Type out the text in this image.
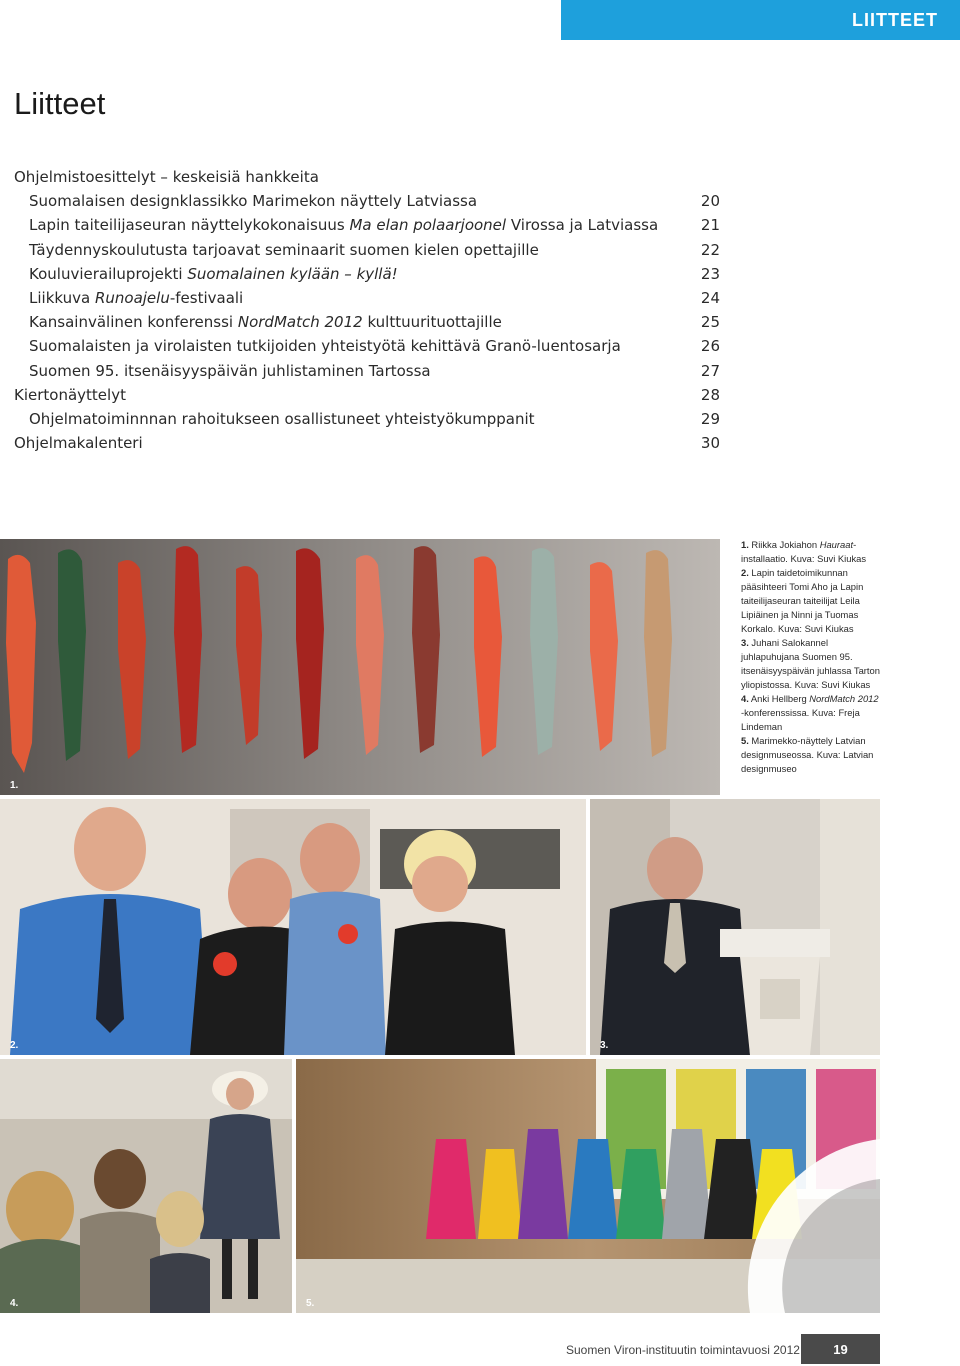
LIITTEET
Liitteet
Ohjelmistoesittelyt – keskeisiä hankkeita
Suomalaisen designklassikko Marimekon näyttely Latviassa	20
Lapin taiteilijaseuran näyttelykokonaisuus Ma elan polaarjoonel Virossa ja Latviassa	21
Täydennyskoulutusta tarjoavat seminaarit suomen kielen opettajille	22
Kouluvierailuprojekti Suomalainen kylään – kyllä!	23
Liikkuva Runoajelu-festivaali	24
Kansainvälinen konferenssi NordMatch 2012 kulttuurituottajille	25
Suomalaisten ja virolaisten tutkijoiden yhteistyötä kehittävä Granö-luentosarja	26
Suomen 95. itsenäisyyspäivän juhlistaminen Tartossa	27
Kiertonäyttelyt	28
Ohjelmatoiminnnan rahoitukseen osallistuneet yhteistyökumppanit	29
Ohjelmakalenteri	30
1.
2.	3.
4.	5.

1. Riikka Jokiahon Hauraat-installaatio. Kuva: Suvi Kiukas

2. Lapin taidetoimikunnan pääsihteeri Tomi Aho ja Lapin taiteilijaseuran taiteilijat Leila Lipiäinen ja Ninni ja Tuomas Korkalo. Kuva: Suvi Kiukas

3. Juhani Salokannel juhlapuhujana Suomen 95. itsenäisyyspäivän juhlassa Tarton yliopistossa. Kuva: Suvi Kiukas

4. Anki Hellberg NordMatch 2012 -konferenssissa. Kuva: Freja Lindeman

5. Marimekko-näyttely Latvian designmuseossa. Kuva: Latvian designmuseo

Suomen Viron-instituutin toimintavuosi 2012	19
